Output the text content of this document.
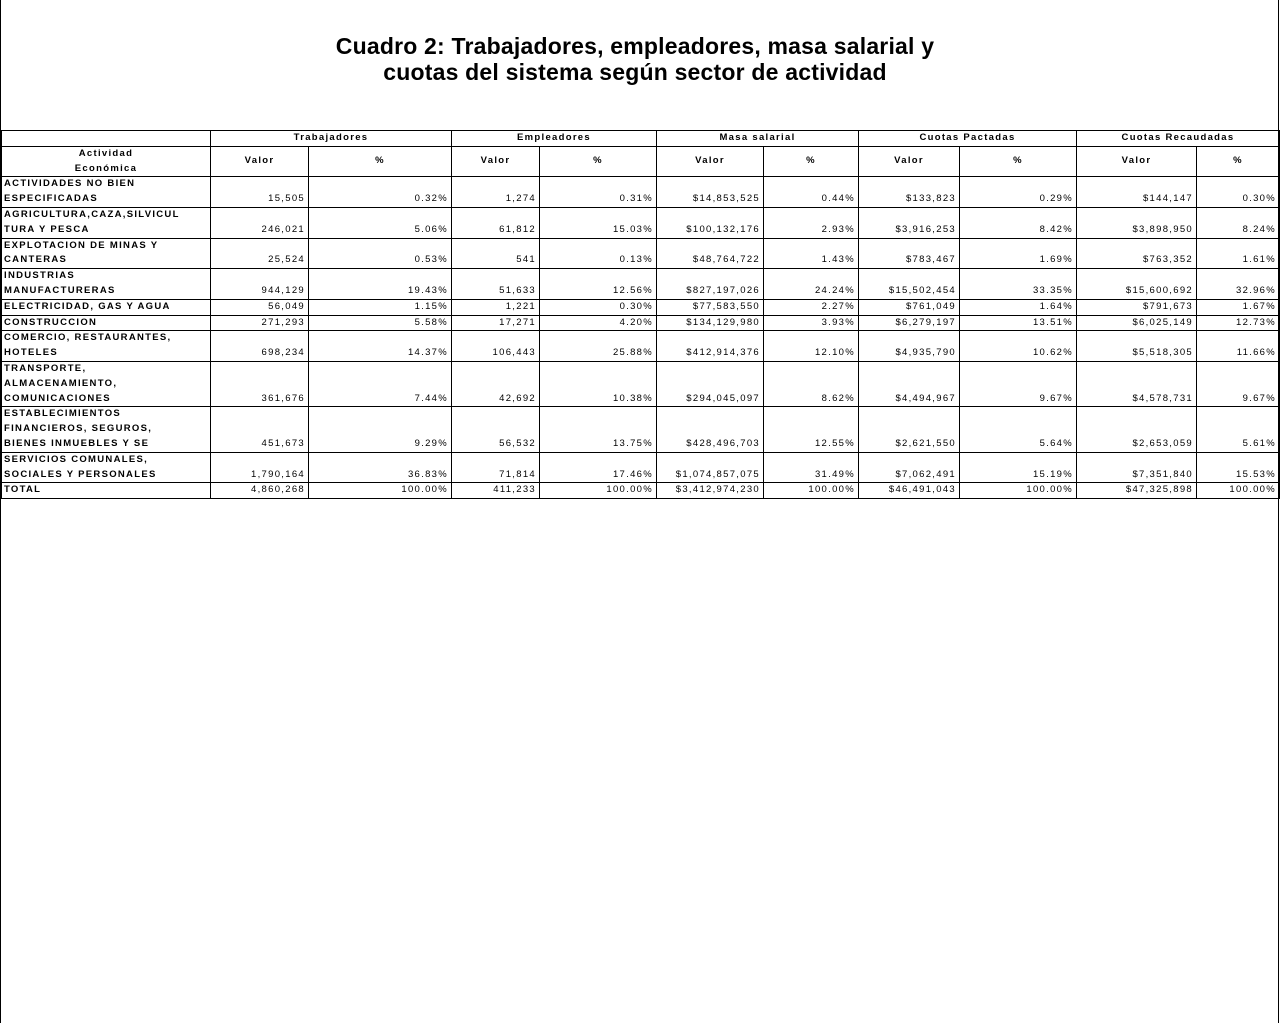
Cuadro 2: Trabajadores, empleadores, masa salarial y
cuotas del sistema según sector de actividad
	Trabajadores		Empleadores		Masa salarial		Cuotas Pactadas		Cuotas Recaudadas	

Actividad
Económica	Valor	%	Valor	%	Valor	%	Valor	%	Valor	%

ACTIVIDADES NO BIEN
ESPECIFICADAS	15,505	0.32%	1,274	0.31%	$14,853,525	0.44%	$133,823	0.29%	$144,147	0.30%

AGRICULTURA,CAZA,SILVICUL
TURA Y PESCA	246,021	5.06%	61,812	15.03%	$100,132,176	2.93%	$3,916,253	8.42%	$3,898,950	8.24%

EXPLOTACION DE MINAS Y
CANTERAS	25,524	0.53%	541	0.13%	$48,764,722	1.43%	$783,467	1.69%	$763,352	1.61%

INDUSTRIAS
MANUFACTURERAS	944,129	19.43%	51,633	12.56%	$827,197,026	24.24%	$15,502,454	33.35%	$15,600,692	32.96%

ELECTRICIDAD, GAS Y AGUA	56,049	1.15%	1,221	0.30%	$77,583,550	2.27%	$761,049	1.64%	$791,673	1.67%

CONSTRUCCION	271,293	5.58%	17,271	4.20%	$134,129,980	3.93%	$6,279,197	13.51%	$6,025,149	12.73%

COMERCIO, RESTAURANTES,
HOTELES	698,234	14.37%	106,443	25.88%	$412,914,376	12.10%	$4,935,790	10.62%	$5,518,305	11.66%

TRANSPORTE,
ALMACENAMIENTO,
COMUNICACIONES	361,676	7.44%	42,692	10.38%	$294,045,097	8.62%	$4,494,967	9.67%	$4,578,731	9.67%

ESTABLECIMIENTOS
FINANCIEROS, SEGUROS,
BIENES INMUEBLES Y SE	451,673	9.29%	56,532	13.75%	$428,496,703	12.55%	$2,621,550	5.64%	$2,653,059	5.61%

SERVICIOS COMUNALES,
SOCIALES Y PERSONALES	1,790,164	36.83%	71,814	17.46%	$1,074,857,075	31.49%	$7,062,491	15.19%	$7,351,840	15.53%

TOTAL	4,860,268	100.00%	411,233	100.00%	$3,412,974,230	100.00%	$46,491,043	100.00%	$47,325,898	100.00%
